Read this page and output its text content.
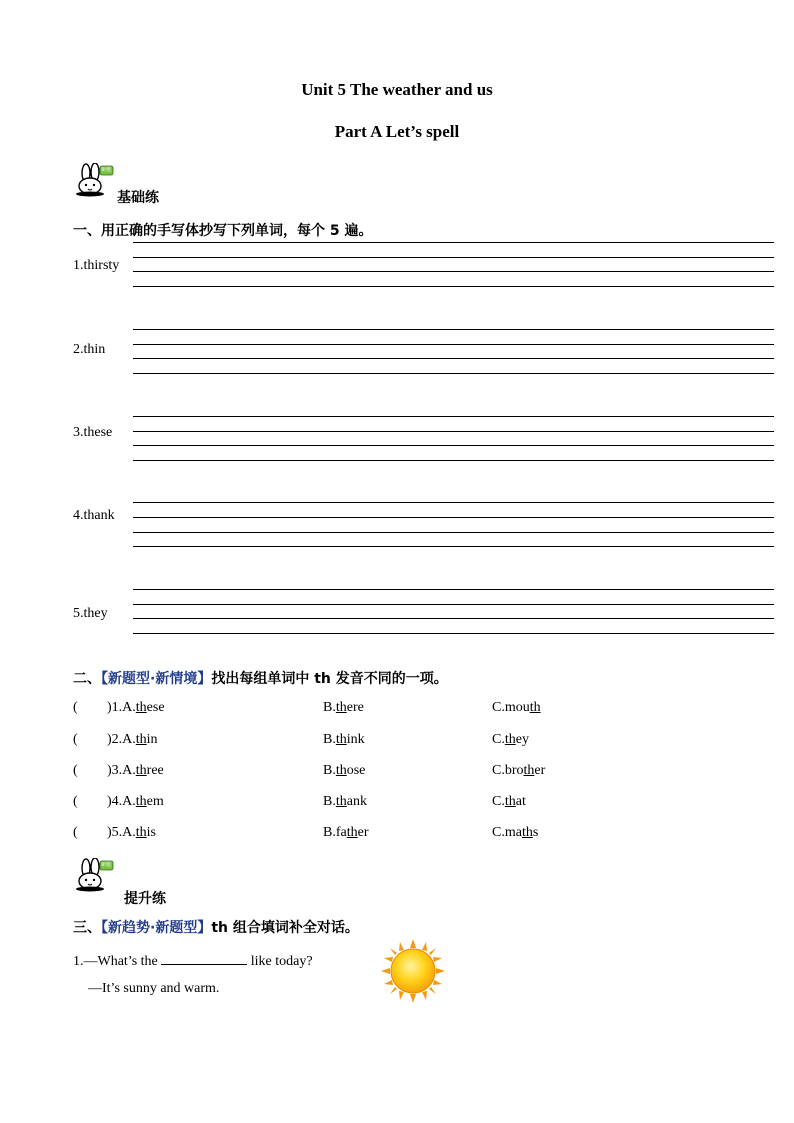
Unit 5 The weather and us
Part A Let’s spell
新题
基础练
一、用正确的手写体抄写下列单词，每个 5 遍。
1.thirsty
2.thin
3.these
4.thank
5.they
二、【新题型·新情境】找出每组单词中 th 发音不同的一项。
( )1.A.these	B.there	C.mouth
( )2.A.thin	B.think	C.they
( )3.A.three	B.those	C.brother
( )4.A.them	B.thank	C.that
( )5.A.this	B.father	C.maths
新题
提升练
三、【新趋势·新题型】th 组合填词补全对话。
1.—What’s the	like today?
—It’s sunny and warm.
